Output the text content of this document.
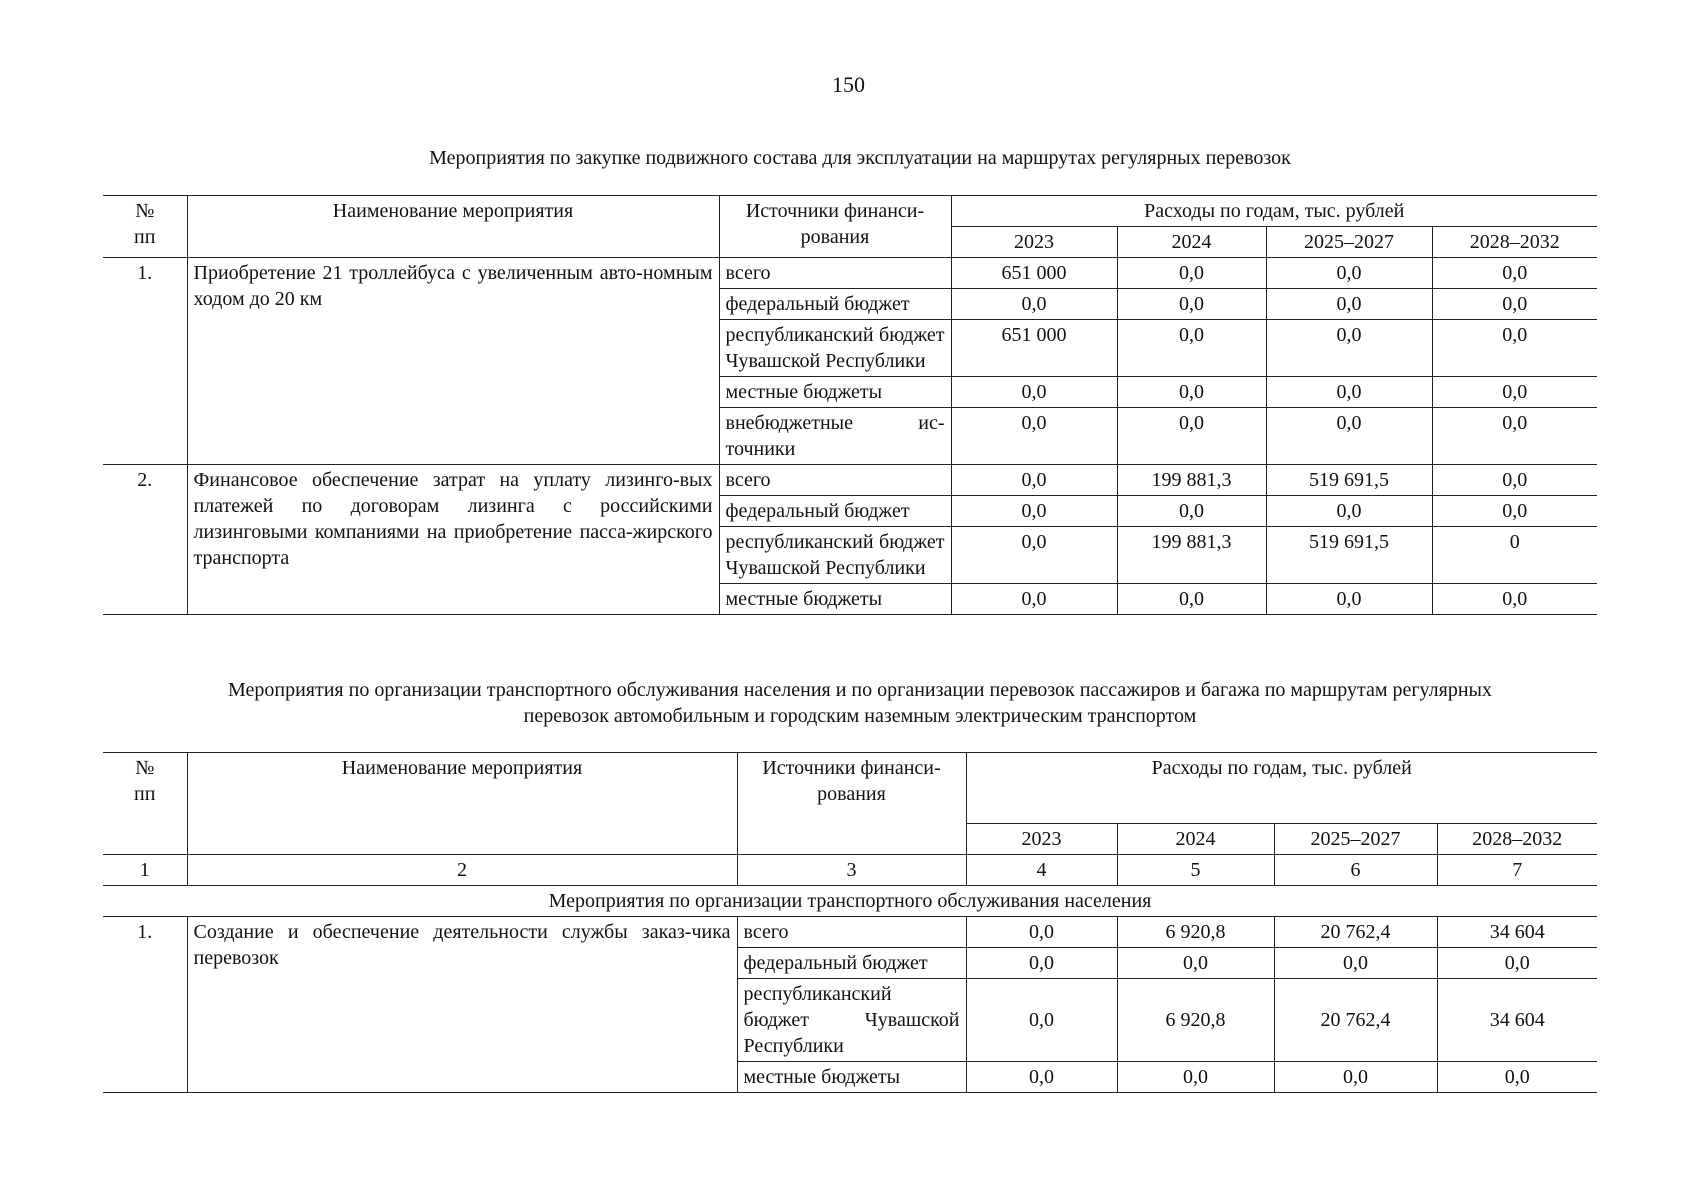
150
Мероприятия по закупке подвижного состава для эксплуатации на маршрутах регулярных перевозок
№
пп	Наименование мероприятия	Источники финанси-рования	Расходы по годам, тыс. рублей			
			2023	2024	2025–2027	2028–2032
1.	Приобретение 21 троллейбуса с увеличенным авто-номным ходом до 20 км	всего	651 000	0,0	0,0	0,0
		федеральный бюджет	0,0	0,0	0,0	0,0
		республиканский бюджет Чувашской Республики	651 000	0,0	0,0	0,0
		местные бюджеты	0,0	0,0	0,0	0,0
		внебюджетные ис-точники	0,0	0,0	0,0	0,0
2.	Финансовое обеспечение затрат на уплату лизинго-вых платежей по договорам лизинга с российскими лизинговыми компаниями на приобретение пасса-жирского транспорта	всего	0,0	199 881,3	519 691,5	0,0
		федеральный бюджет	0,0	0,0	0,0	0,0
		республиканский бюджет Чувашской Республики	0,0	199 881,3	519 691,5	0
		местные бюджеты	0,0	0,0	0,0	0,0
Мероприятия по организации транспортного обслуживания населения и по организации перевозок пассажиров и багажа по маршрутам регулярных
перевозок автомобильным и городским наземным электрическим транспортом
№
пп	Наименование мероприятия	Источники финанси-рования	Расходы по годам, тыс. рублей			
			2023	2024	2025–2027	2028–2032
1	2	3	4	5	6	7
Мероприятия по организации транспортного обслуживания населения						
1.	Создание и обеспечение деятельности службы заказ-чика перевозок	всего	0,0	6 920,8	20 762,4	34 604
		федеральный бюджет	0,0	0,0	0,0	0,0
		республиканский бюджет Чувашской Республики	0,0	6 920,8	20 762,4	34 604
		местные бюджеты	0,0	0,0	0,0	0,0
